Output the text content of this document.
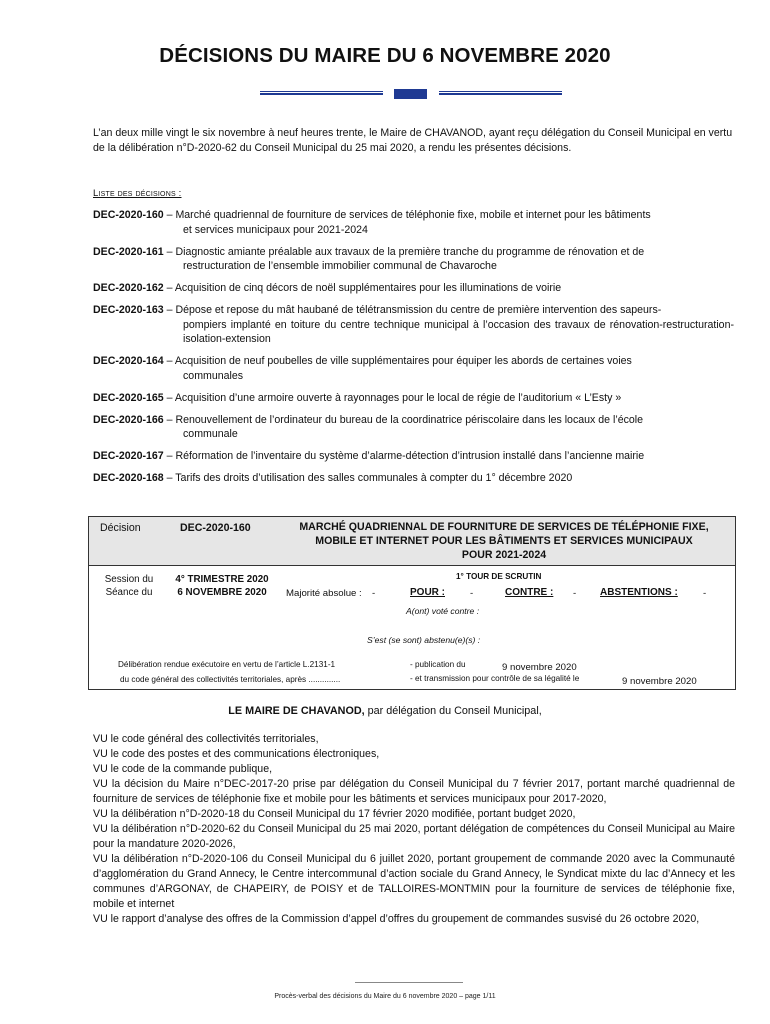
DÉCISIONS DU MAIRE DU 6 NOVEMBRE 2020
L’an deux mille vingt le six novembre à neuf heures trente, le Maire de CHAVANOD, ayant reçu délégation du Conseil Municipal en vertu de la délibération n°D-2020-62 du Conseil Municipal du 25 mai 2020, a rendu les présentes décisions.
Liste des décisions :
DEC-2020-160 – Marché quadriennal de fourniture de services de téléphonie fixe, mobile et internet pour les bâtiments
et services municipaux pour 2021-2024
DEC-2020-161 – Diagnostic amiante préalable aux travaux de la première tranche du programme de rénovation et de
restructuration de l’ensemble immobilier communal de Chavaroche
DEC-2020-162 – Acquisition de cinq décors de noël supplémentaires pour les illuminations de voirie
DEC-2020-163 – Dépose et repose du mât haubané de télétransmission du centre de première intervention des sapeurs-
pompiers implanté en toiture du centre technique municipal à l’occasion des travaux de rénovation-restructuration-isolation-extension
DEC-2020-164 – Acquisition de neuf poubelles de ville supplémentaires pour équiper les abords de certaines voies
communales
DEC-2020-165 – Acquisition d’une armoire ouverte à rayonnages pour le local de régie de l’auditorium « L’Esty »
DEC-2020-166 – Renouvellement de l’ordinateur du bureau de la coordinatrice périscolaire dans les locaux de l’école
communale
DEC-2020-167 – Réformation de l’inventaire du système d’alarme-détection d’intrusion installé dans l’ancienne mairie
DEC-2020-168 – Tarifs des droits d’utilisation des salles communales à compter du 1° décembre 2020
Décision	DEC-2020-160	MARCHÉ QUADRIENNAL DE FOURNITURE DE SERVICES DE TÉLÉPHONIE FIXE,
MOBILE ET INTERNET POUR LES BÂTIMENTS ET SERVICES MUNICIPAUX
POUR 2021-2024
Session du	4° TRIMESTRE 2020
Séance du	6 NOVEMBRE 2020
1° TOUR DE SCRUTIN
Majorité absolue : -	POUR :	-	CONTRE : - ABSTENTIONS :	-
A(ont) voté contre :
S’est (se sont) abstenu(e)(s) :
Délibération rendue exécutoire en vertu de l’article L.2131-1
du code général des collectivités territoriales, après ..............
- publication du	9 novembre 2020
- et transmission pour contrôle de sa légalité le	9 novembre 2020
LE MAIRE DE CHAVANOD, par délégation du Conseil Municipal,

VU le code général des collectivités territoriales,

VU le code des postes et des communications électroniques,

VU le code de la commande publique,

VU la décision du Maire n°DEC-2017-20 prise par délégation du Conseil Municipal du 7 février 2017, portant marché quadriennal de fourniture de services de téléphonie fixe et mobile pour les bâtiments et services municipaux pour 2017-2020,

VU la délibération n°D-2020-18 du Conseil Municipal du 17 février 2020 modifiée, portant budget 2020,

VU la délibération n°D-2020-62 du Conseil Municipal du 25 mai 2020, portant délégation de compétences du Conseil Municipal au Maire pour la mandature 2020-2026,

VU la délibération n°D-2020-106 du Conseil Municipal du 6 juillet 2020, portant groupement de commande 2020 avec la Communauté d’agglomération du Grand Annecy, le Centre intercommunal d’action sociale du Grand Annecy, le Syndicat mixte du lac d’Annecy et les communes d’ARGONAY, de CHAPEIRY, de POISY et de TALLOIRES-MONTMIN pour la fourniture de services de téléphonie fixe, mobile et internet

VU le rapport d’analyse des offres de la Commission d’appel d’offres du groupement de commandes susvisé du 26 octobre 2020,

Procès-verbal des décisions du Maire du 6 novembre 2020 – page 1/11
